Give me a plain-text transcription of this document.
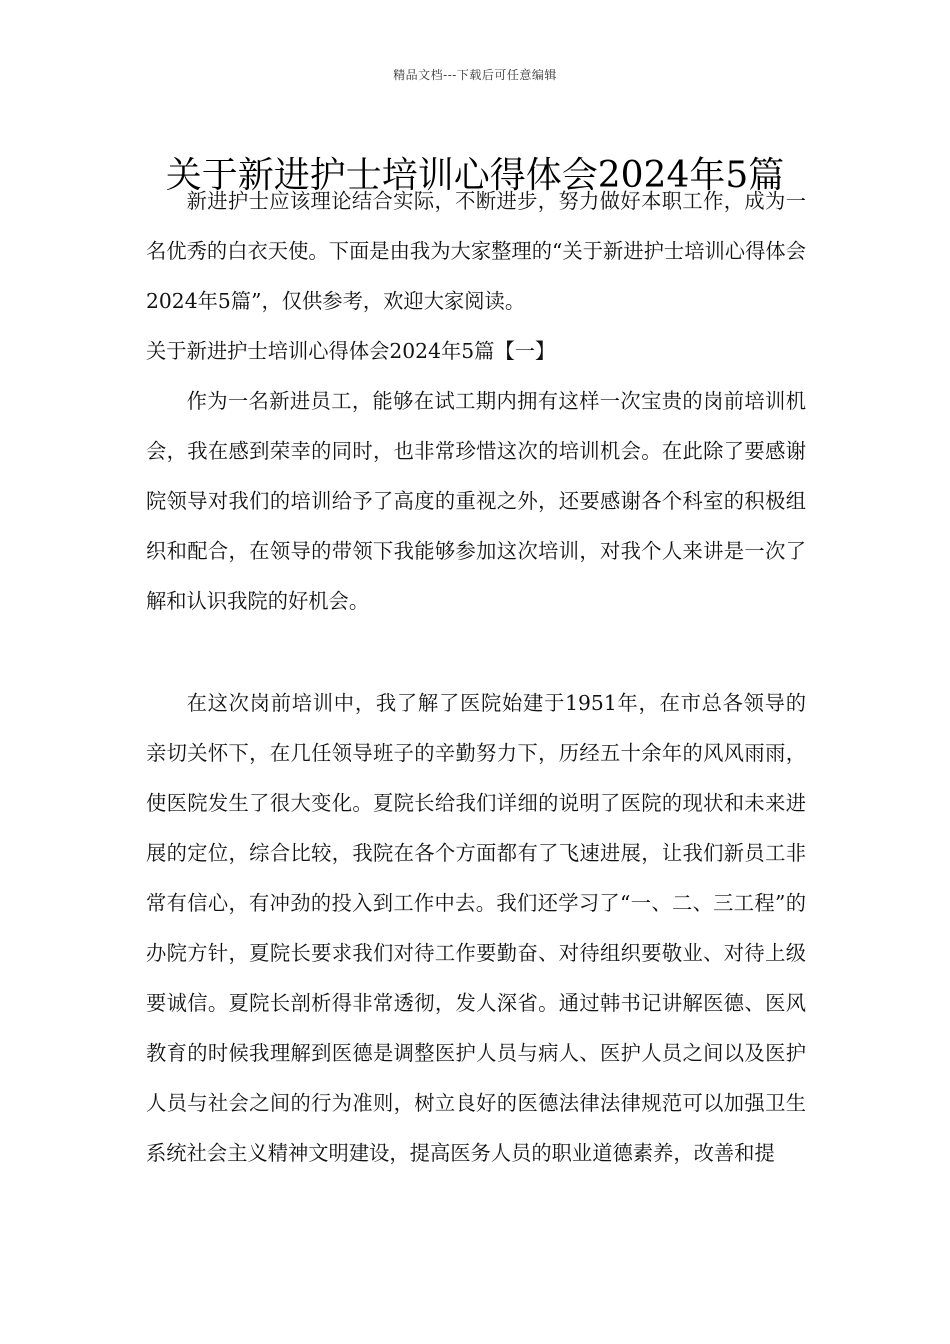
精品文档---下载后可任意编辑
关于新进护士培训心得体会2024年5篇

新进护士应该理论结合实际，不断进步，努力做好本职工作，成为一名优秀的白衣天使。下面是由我为大家整理的“关于新进护士培训心得体会2024年5篇”，仅供参考，欢迎大家阅读。

关于新进护士培训心得体会2024年5篇【一】

作为一名新进员工，能够在试工期内拥有这样一次宝贵的岗前培训机会，我在感到荣幸的同时，也非常珍惜这次的培训机会。在此除了要感谢院领导对我们的培训给予了高度的重视之外，还要感谢各个科室的积极组织和配合，在领导的带领下我能够参加这次培训，对我个人来讲是一次了解和认识我院的好机会。

在这次岗前培训中，我了解了医院始建于1951年，在市总各领导的亲切关怀下，在几任领导班子的辛勤努力下，历经五十余年的风风雨雨，使医院发生了很大变化。夏院长给我们详细的说明了医院的现状和未来进展的定位，综合比较，我院在各个方面都有了飞速进展，让我们新员工非常有信心，有冲劲的投入到工作中去。我们还学习了“一、二、三工程”的办院方针，夏院长要求我们对待工作要勤奋、对待组织要敬业、对待上级要诚信。夏院长剖析得非常透彻，发人深省。通过韩书记讲解医德、医风教育的时候我理解到医德是调整医护人员与病人、医护人员之间以及医护人员与社会之间的行为准则，树立良好的医德法律法律规范可以加强卫生系统社会主义精神文明建设，提高医务人员的职业道德素养，改善和提
